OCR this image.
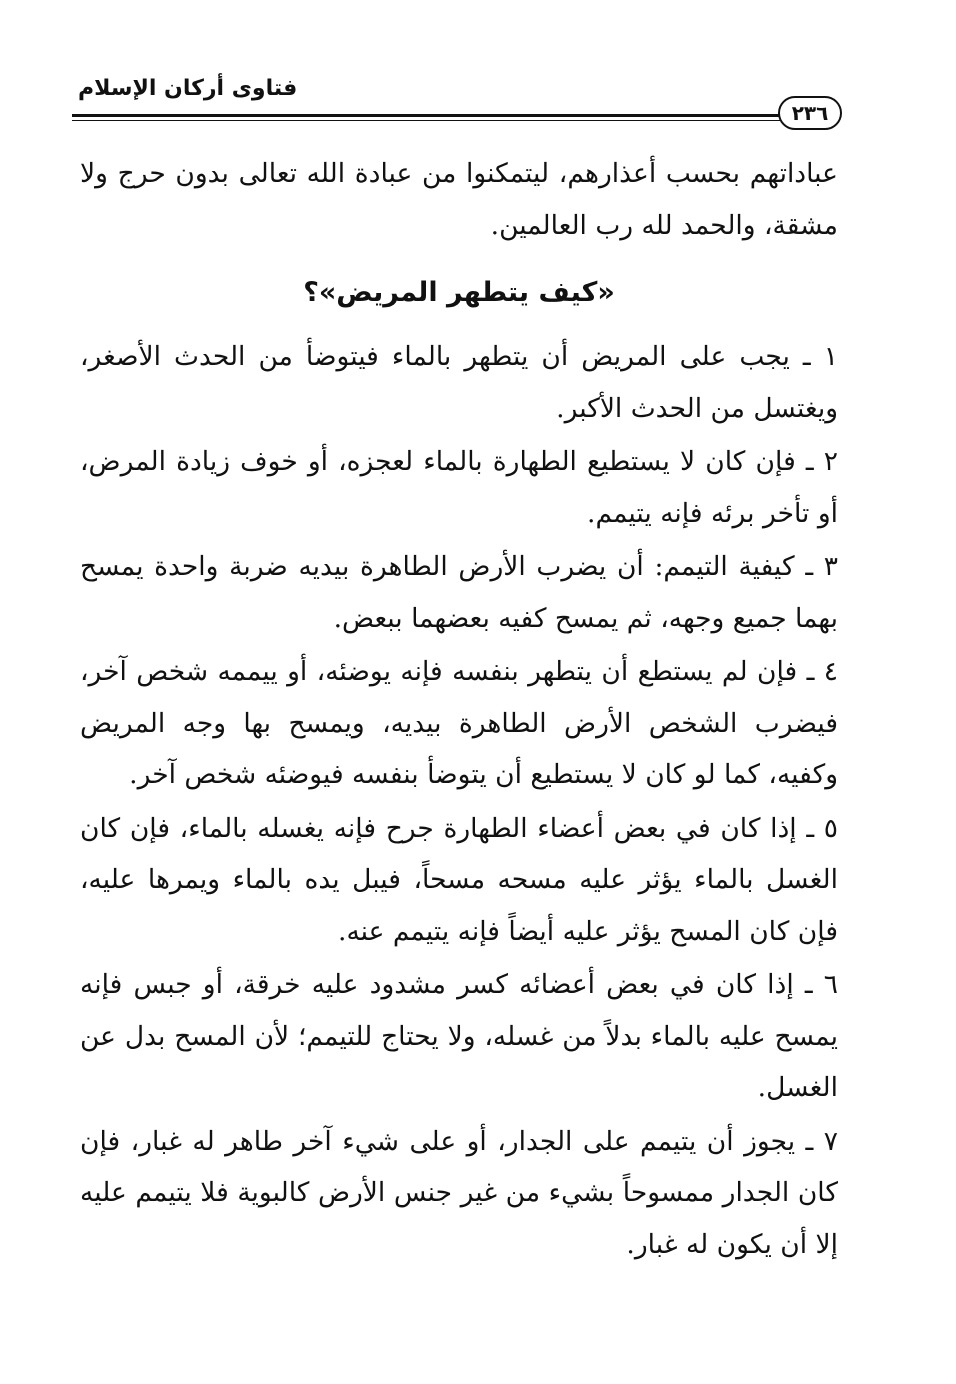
فتاوى أركان الإسلام
٢٣٦

عباداتهم بحسب أعذارهم، ليتمكنوا من عبادة الله تعالى بدون حرج ولا مشقة، والحمد لله رب العالمين.

«كيف يتطهر المريض»؟

١ ـ يجب على المريض أن يتطهر بالماء فيتوضأ من الحدث الأصغر، ويغتسل من الحدث الأكبر.

٢ ـ فإن كان لا يستطيع الطهارة بالماء لعجزه، أو خوف زيادة المرض، أو تأخر برئه فإنه يتيمم.

٣ ـ كيفية التيمم: أن يضرب الأرض الطاهرة بيديه ضربة واحدة يمسح بهما جميع وجهه، ثم يمسح كفيه بعضهما ببعض.

٤ ـ فإن لم يستطع أن يتطهر بنفسه فإنه يوضئه، أو ييممه شخص آخر، فيضرب الشخص الأرض الطاهرة بيديه، ويمسح بها وجه المريض وكفيه، كما لو كان لا يستطيع أن يتوضأ بنفسه فيوضئه شخص آخر.

٥ ـ إذا كان في بعض أعضاء الطهارة جرح فإنه يغسله بالماء، فإن كان الغسل بالماء يؤثر عليه مسحه مسحاً، فيبل يده بالماء ويمرها عليه، فإن كان المسح يؤثر عليه أيضاً فإنه يتيمم عنه.

٦ ـ إذا كان في بعض أعضائه كسر مشدود عليه خرقة، أو جبس فإنه يمسح عليه بالماء بدلاً من غسله، ولا يحتاج للتيمم؛ لأن المسح بدل عن الغسل.

٧ ـ يجوز أن يتيمم على الجدار، أو على شيء آخر طاهر له غبار، فإن كان الجدار ممسوحاً بشيء من غير جنس الأرض كالبوية فلا يتيمم عليه إلا أن يكون له غبار.
